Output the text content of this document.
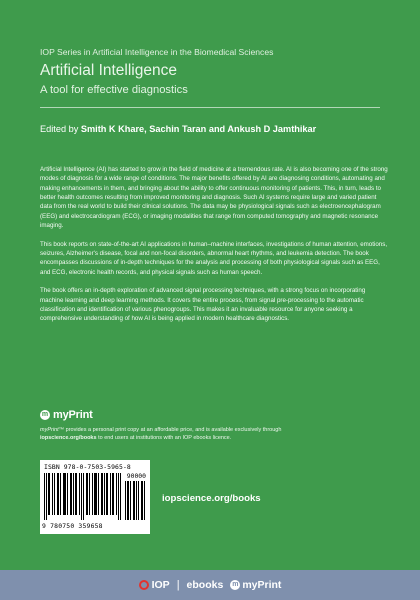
IOP Series in Artificial Intelligence in the Biomedical Sciences
Artificial Intelligence
A tool for effective diagnostics
Edited by Smith K Khare, Sachin Taran and Ankush D Jamthikar

Artificial Intelligence (AI) has started to grow in the field of medicine at a tremendous rate. AI is also becoming one of the strong modes of diagnosis for a wide range of conditions. The major benefits offered by AI are diagnosing conditions, automating and making enhancements in them, and bringing about the ability to offer continuous monitoring of patients. This, in turn, leads to better health outcomes resulting from improved monitoring and diagnosis. Such AI systems require large and varied patient data from the real world to build their clinical solutions. The data may be physiological signals such as electroencephalogram (EEG) and electrocardiogram (ECG), or imaging modalities that range from computed tomography and magnetic resonance imaging.

This book reports on state-of-the-art AI applications in human–machine interfaces, investigations of human attention, emotions, seizures, Alzheimer's disease, focal and non-focal disorders, abnormal heart rhythms, and leukemia detection. The book encompasses discussions of in-depth techniques for the analysis and processing of both physiological signals such as EEG, and ECG, electronic health records, and physical signals such as human speech.

The book offers an in-depth exploration of advanced signal processing techniques, with a strong focus on incorporating machine learning and deep learning methods. It covers the entire process, from signal pre-processing to the automatic classification and identification of various phenogroups. This makes it an invaluable resource for anyone seeking a comprehensive understanding of how AI is being applied in modern healthcare diagnostics.

m myPrint
myPrint™ provides a personal print copy at an affordable price, and is available exclusively through
iopscience.org/books to end users at institutions with an IOP ebooks licence.
ISBN 978-0-7503-5965-8
90000
9 780750 359658
iopscience.org/books
IOP | ebooks m myPrint
